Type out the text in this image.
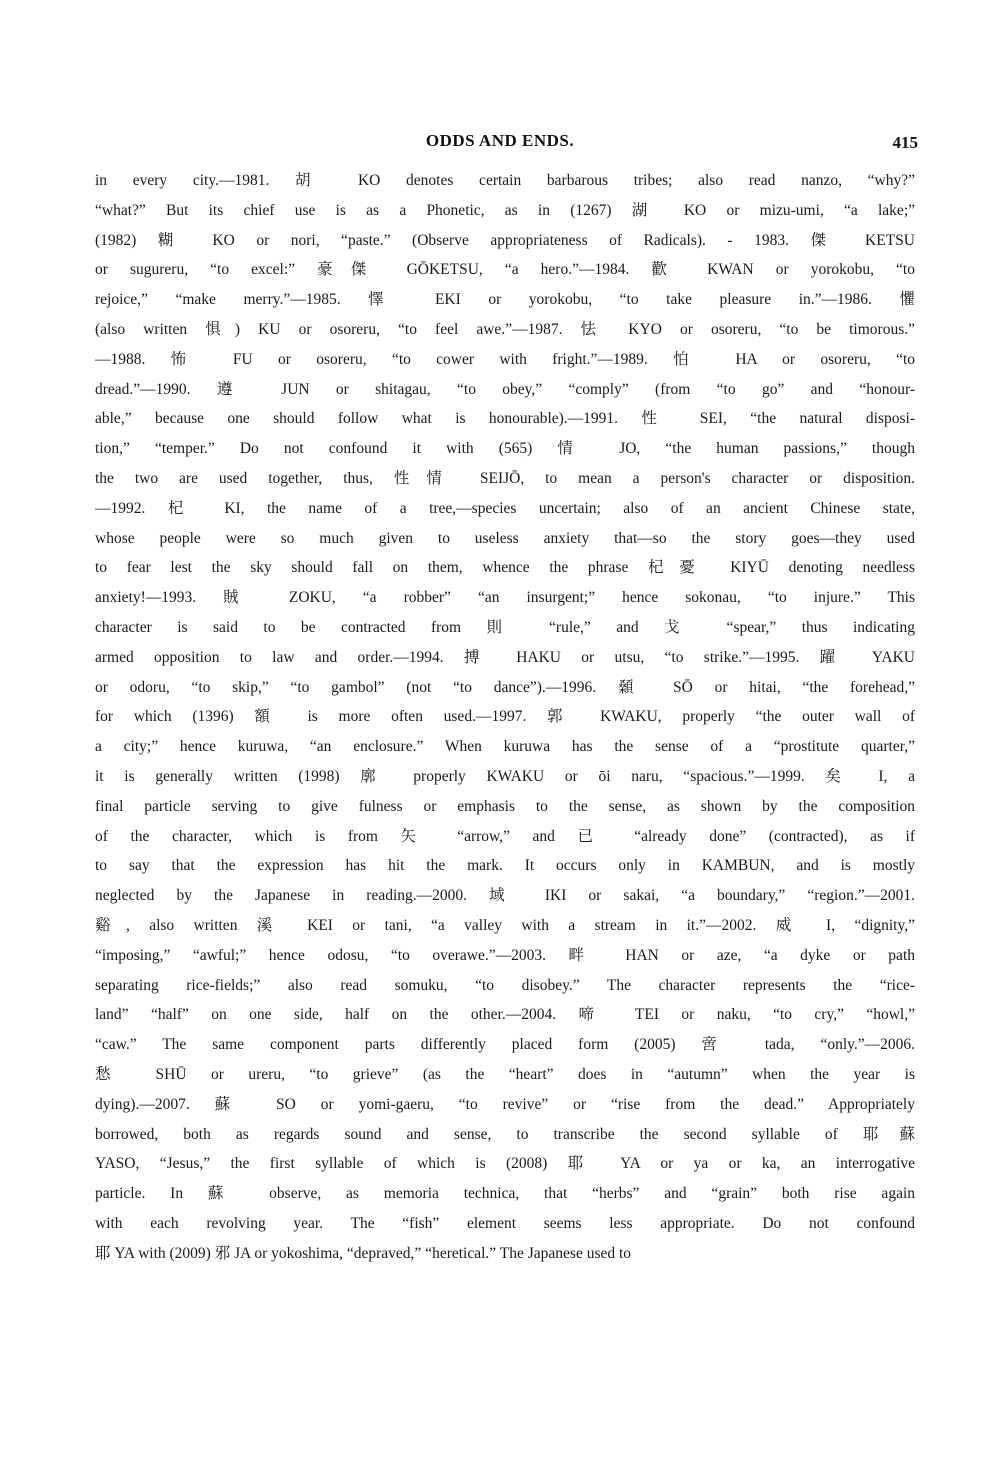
ODDS AND ENDS.	415
in every city.—1981. 胡 KO denotes certain barbarous tribes; also read nanzo, “why?”
“what?” But its chief use is as a Phonetic, as in (1267) 湖 KO or mizu-umi, “a lake;”
(1982) 糊 KO or nori, “paste.” (Observe appropriateness of Radicals). - 1983. 傑 KETSU
or sugureru, “to excel:” 豪傑 GŌKETSU, “a hero.”—1984. 歡 KWAN or yorokobu, “to
rejoice,” “make merry.”—1985. 懌 EKI or yorokobu, “to take pleasure in.”—1986. 懼
(also written 惧) KU or osoreru, “to feel awe.”—1987. 怯 KYO or osoreru, “to be timorous.”
—1988. 怖 FU or osoreru, “to cower with fright.”—1989. 怕 HA or osoreru, “to
dread.”—1990. 遵 JUN or shitagau, “to obey,” “comply” (from “to go” and “honour-
able,” because one should follow what is honourable).—1991. 性 SEI, “the natural disposi-
tion,” “temper.” Do not confound it with (565) 情 JO, “the human passions,” though
the two are used together, thus, 性情 SEIJŌ, to mean a person's character or disposition.
—1992. 杞 KI, the name of a tree,—species uncertain; also of an ancient Chinese state,
whose people were so much given to useless anxiety that—so the story goes—they used
to fear lest the sky should fall on them, whence the phrase 杞憂 KIYŪ denoting needless
anxiety!—1993. 賊 ZOKU, “a robber” “an insurgent;” hence sokonau, “to injure.” This
character is said to be contracted from 則 “rule,” and 戈 “spear,” thus indicating
armed opposition to law and order.—1994. 搏 HAKU or utsu, “to strike.”—1995. 躍 YAKU
or odoru, “to skip,” “to gambol” (not “to dance”).—1996. 顙 SŌ or hitai, “the forehead,”
for which (1396) 額 is more often used.—1997. 郭 KWAKU, properly “the outer wall of
a city;” hence kuruwa, “an enclosure.” When kuruwa has the sense of a “prostitute quarter,”
it is generally written (1998) 廓 properly KWAKU or ōi naru, “spacious.”—1999. 矣 I, a
final particle serving to give fulness or emphasis to the sense, as shown by the composition
of the character, which is from 矢 “arrow,” and 已 “already done” (contracted), as if
to say that the expression has hit the mark. It occurs only in KAMBUN, and is mostly
neglected by the Japanese in reading.—2000. 域 IKI or sakai, “a boundary,” “region.”—2001.
谿, also written 溪 KEI or tani, “a valley with a stream in it.”—2002. 威 I, “dignity,”
“imposing,” “awful;” hence odosu, “to overawe.”—2003. 畔 HAN or aze, “a dyke or path
separating rice-fields;” also read somuku, “to disobey.” The character represents the “rice-
land” “half” on one side, half on the other.—2004. 啼 TEI or naku, “to cry,” “howl,”
“caw.” The same component parts differently placed form (2005) 啻 tada, “only.”—2006.
愁 SHŪ or ureru, “to grieve” (as the “heart” does in “autumn” when the year is
dying).—2007. 蘇 SO or yomi-gaeru, “to revive” or “rise from the dead.” Appropriately
borrowed, both as regards sound and sense, to transcribe the second syllable of 耶蘇
YASO, “Jesus,” the first syllable of which is (2008) 耶 YA or ya or ka, an interrogative
particle. In 蘇 observe, as memoria technica, that “herbs” and “grain” both rise again
with each revolving year. The “fish” element seems less appropriate. Do not confound
耶 YA with (2009) 邪 JA or yokoshima, “depraved,” “heretical.” The Japanese used to
